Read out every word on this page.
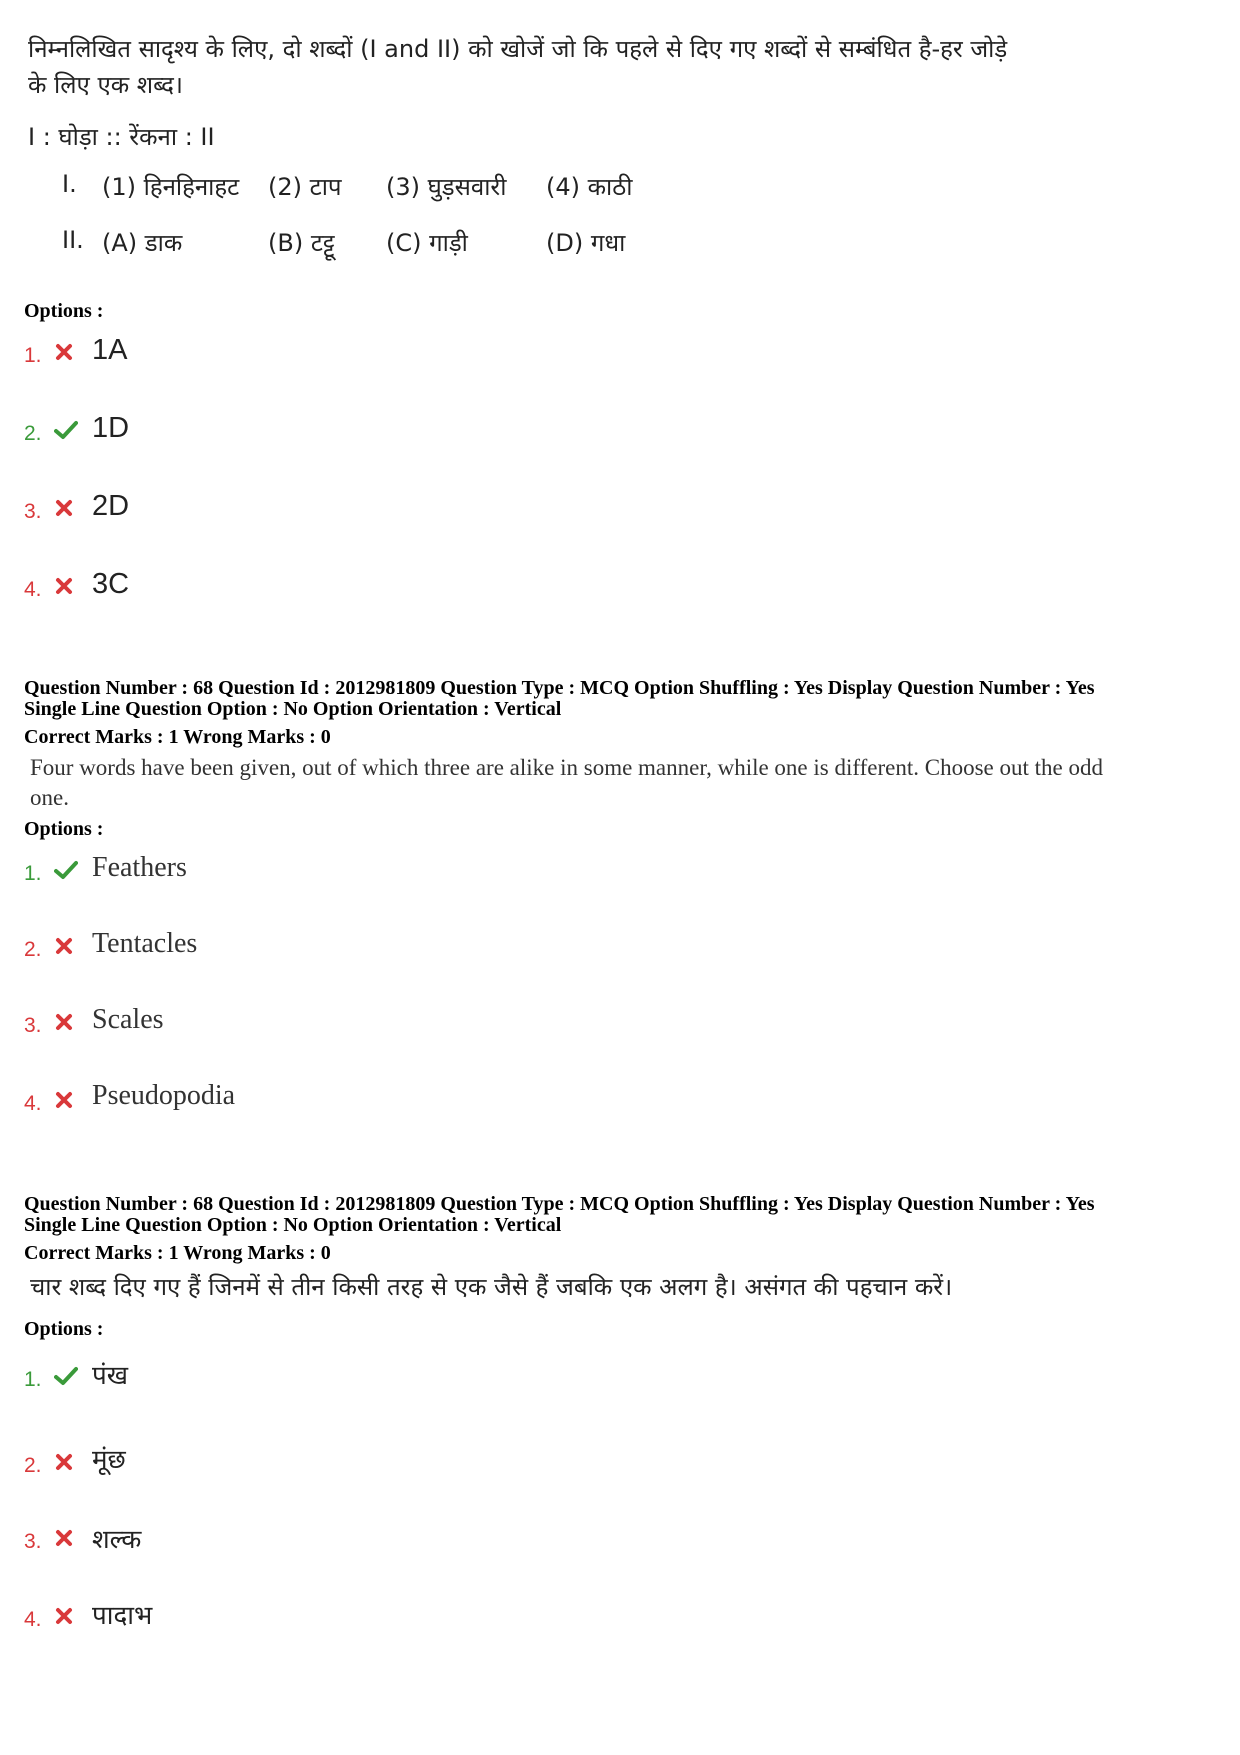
निम्नलिखित सादृश्य के लिए, दो शब्दों (I and II) को खोजें जो कि पहले से दिए गए शब्दों से सम्बंधित है-हर जोड़े
के लिए एक शब्द।
I : घोड़ा :: रेंकना : II
I. (1) हिनहिनाहट (2) टाप (3) घुड़सवारी (4) काठी
II. (A) डाक	(B) टट्टू (C) गाड़ी	(D) गधा
Options :
1. 1A
2. 1D
3. 2D
4. 3C
Question Number : 68 Question Id : 2012981809 Question Type : MCQ Option Shuffling : Yes Display Question Number : Yes
Single Line Question Option : No Option Orientation : Vertical
Correct Marks : 1 Wrong Marks : 0
Four words have been given, out of which three are alike in some manner, while one is different. Choose out the odd
one.
Options :
1. Feathers
2. Tentacles
3. Scales
4. Pseudopodia
Question Number : 68 Question Id : 2012981809 Question Type : MCQ Option Shuffling : Yes Display Question Number : Yes
Single Line Question Option : No Option Orientation : Vertical
Correct Marks : 1 Wrong Marks : 0
चार शब्द दिए गए हैं जिनमें से तीन किसी तरह से एक जैसे हैं जबकि एक अलग है। असंगत की पहचान करें।
Options :
1. पंख
2. मूंछ
3. शल्क
4. पादाभ
